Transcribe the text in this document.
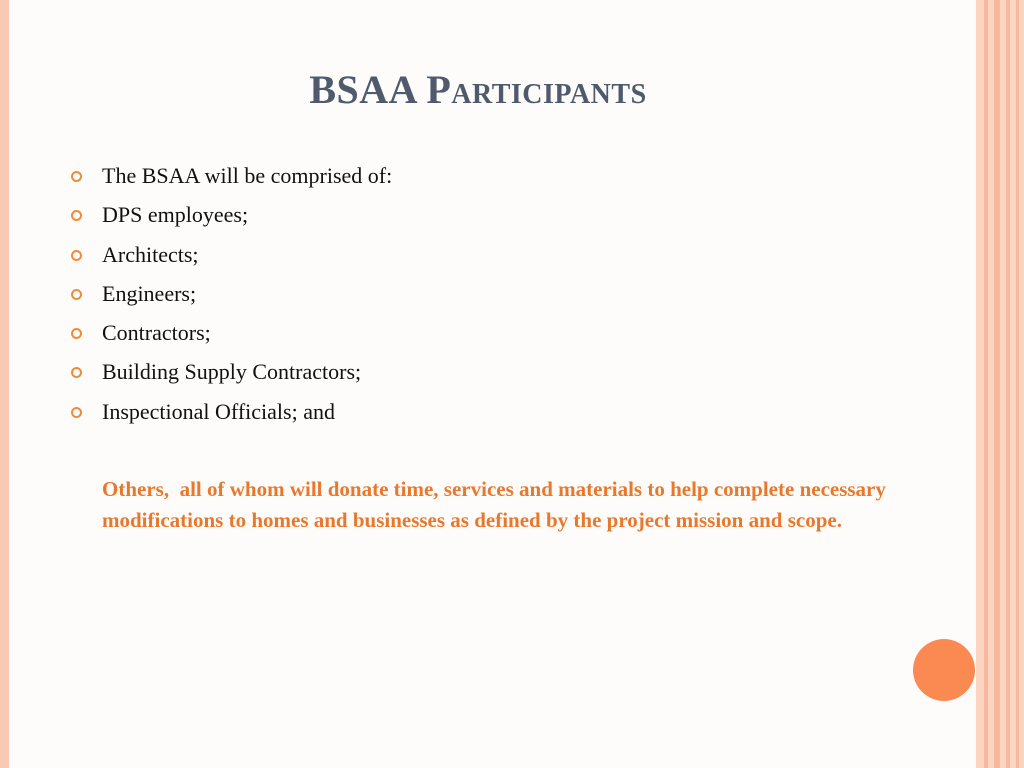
BSAA Participants
The BSAA will be comprised of:
DPS employees;
Architects;
Engineers;
Contractors;
Building Supply Contractors;
Inspectional Officials; and
Others,  all of whom will donate time, services and materials to help complete necessary modifications to homes and businesses as defined by the project mission and scope.
